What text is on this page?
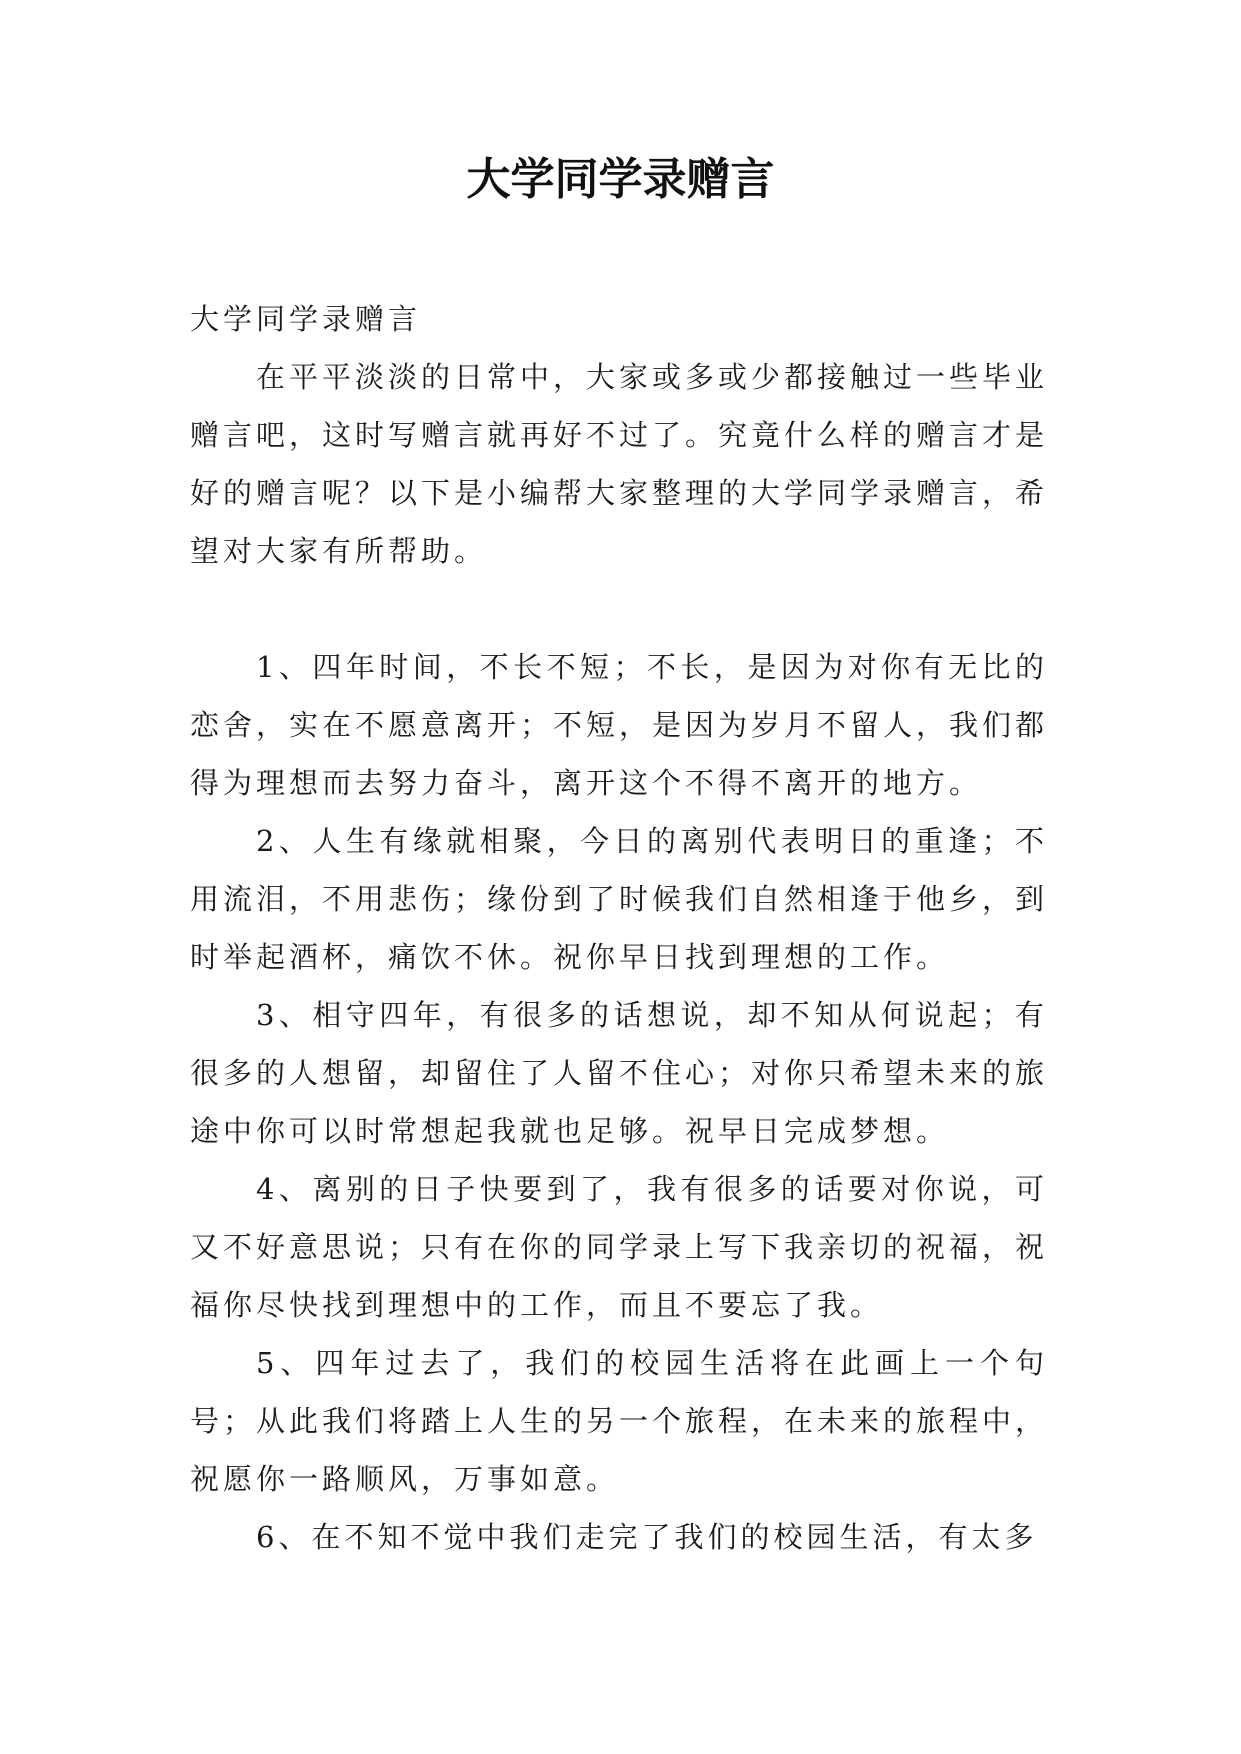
大学同学录赠言

大学同学录赠言

在平平淡淡的日常中，大家或多或少都接触过一些毕业赠言吧，这时写赠言就再好不过了。究竟什么样的赠言才是好的赠言呢？以下是小编帮大家整理的大学同学录赠言，希望对大家有所帮助。

1、四年时间，不长不短；不长，是因为对你有无比的恋舍，实在不愿意离开；不短，是因为岁月不留人，我们都得为理想而去努力奋斗，离开这个不得不离开的地方。

2、人生有缘就相聚，今日的离别代表明日的重逢；不用流泪，不用悲伤；缘份到了时候我们自然相逢于他乡，到时举起酒杯，痛饮不休。祝你早日找到理想的工作。

3、相守四年，有很多的话想说，却不知从何说起；有很多的人想留，却留住了人留不住心；对你只希望未来的旅途中你可以时常想起我就也足够。祝早日完成梦想。

4、离别的日子快要到了，我有很多的话要对你说，可又不好意思说；只有在你的同学录上写下我亲切的祝福，祝福你尽快找到理想中的工作，而且不要忘了我。

5、四年过去了，我们的校园生活将在此画上一个句号；从此我们将踏上人生的另一个旅程，在未来的旅程中，祝愿你一路顺风，万事如意。

6、在不知不觉中我们走完了我们的校园生活，有太多
